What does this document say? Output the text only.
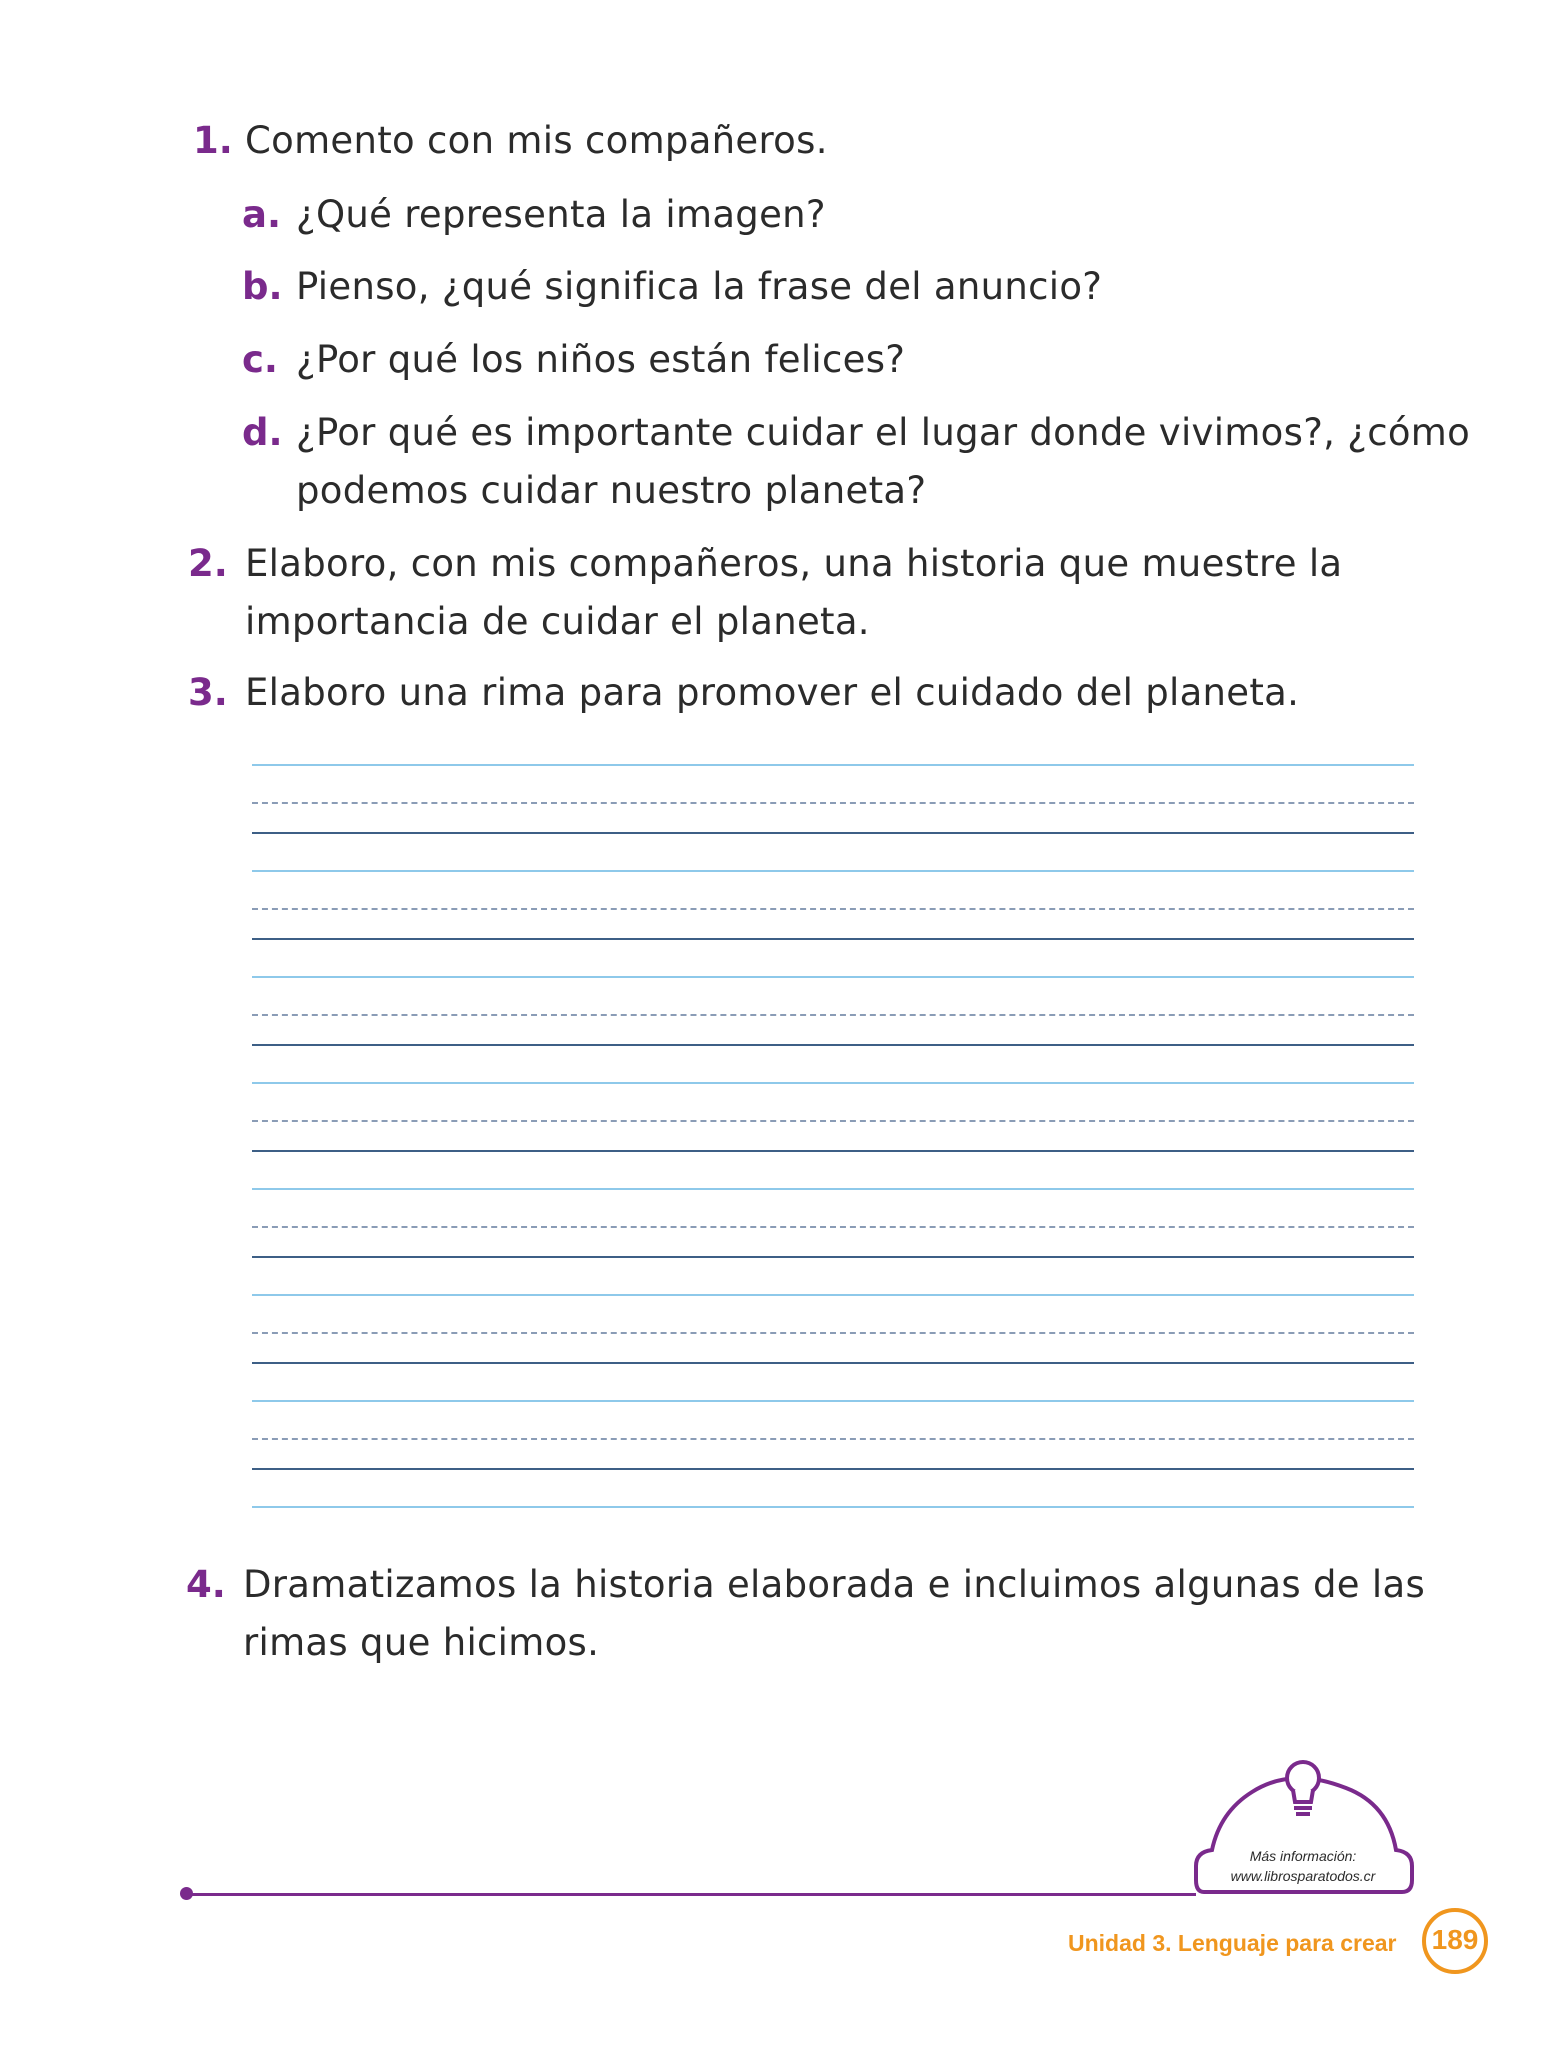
1. Comento con mis compañeros.
a. ¿Qué representa la imagen?
b. Pienso, ¿qué significa la frase del anuncio?
c. ¿Por qué los niños están felices?
d. ¿Por qué es importante cuidar el lugar donde vivimos?, ¿cómo
podemos cuidar nuestro planeta?
2. Elaboro, con mis compañeros, una historia que muestre la
importancia de cuidar el planeta.
3. Elaboro una rima para promover el cuidado del planeta.
4. Dramatizamos la historia elaborada e incluimos algunas de las
rimas que hicimos.
Más información:
www.librosparatodos.cr
Unidad 3. Lenguaje para crear	189
